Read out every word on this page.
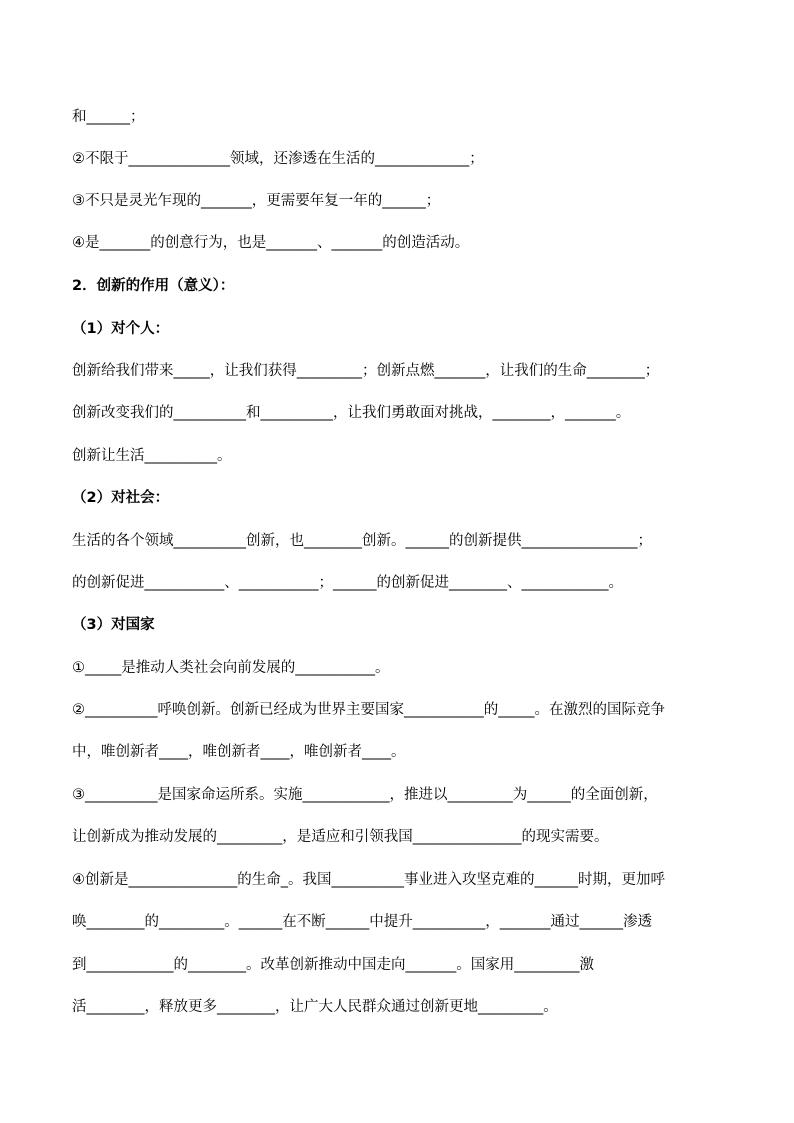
和______；
②不限于______________领域，还渗透在生活的_____________；
③不只是灵光乍现的_______，更需要年复一年的______；
④是_______的创意行为，也是_______、_______的创造活动。
2．创新的作用（意义）：
（1）对个人：
创新给我们带来_____，让我们获得_________；创新点燃_______，让我们的生命________；
创新改变我们的__________和__________，让我们勇敢面对挑战，________，_______。
创新让生活__________。
（2）对社会：
生活的各个领域__________创新，也________创新。______的创新提供________________；
的创新促进___________、___________；______的创新促进________、____________。
（3）对国家
①_____是推动人类社会向前发展的___________。
②__________呼唤创新。创新已经成为世界主要国家___________的_____。在激烈的国际竞争
中，唯创新者____，唯创新者____，唯创新者____。
③__________是国家命运所系。实施____________，推进以_________为______的全面创新，
让创新成为推动发展的_________，是适应和引领我国_______________的现实需要。
④创新是_______________的生命_。我国__________事业进入攻坚克难的______时期，更加呼
唤________的_________。______在不断______中提升__________，_______通过______渗透
到____________的________。改革创新推动中国走向_______。国家用_________激
活________，释放更多________，让广大人民群众通过创新更地_________。
